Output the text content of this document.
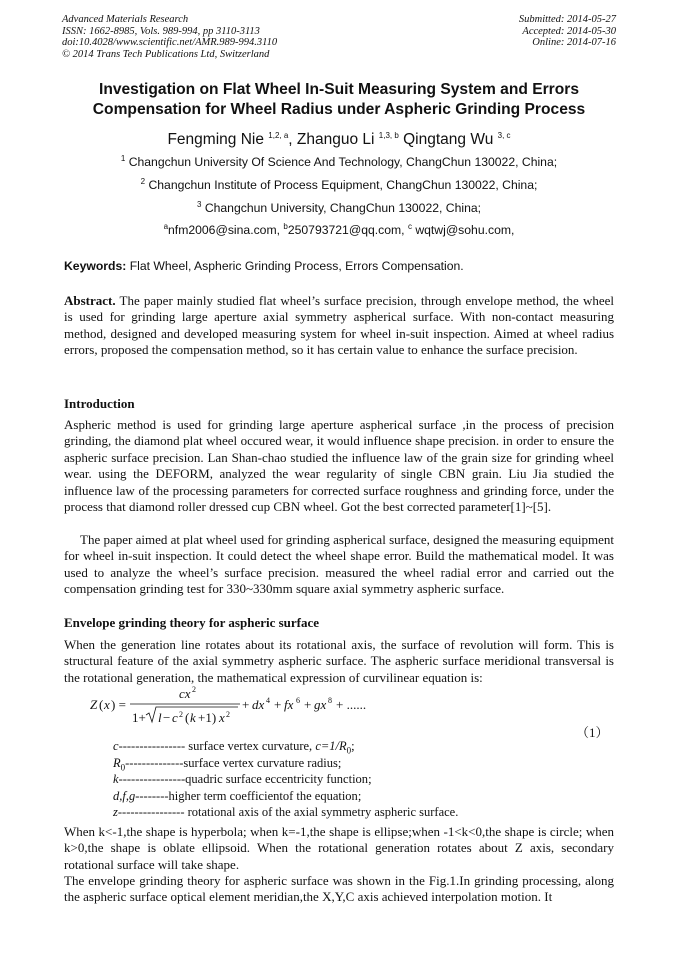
Advanced Materials Research
ISSN: 1662-8985, Vols. 989-994, pp 3110-3113
doi:10.4028/www.scientific.net/AMR.989-994.3110
© 2014 Trans Tech Publications Ltd, Switzerland
Submitted: 2014-05-27
Accepted: 2014-05-30
Online: 2014-07-16
Investigation on Flat Wheel In-Suit Measuring System and Errors
Compensation for Wheel Radius under Aspheric Grinding Process
Fengming Nie $^{1,2, a}$, Zhanguo Li $^{1,3, b}$ Qingtang Wu $^{3, c}$
$^1$ Changchun University Of Science And Technology, ChangChun 130022, China;
$^2$ Changchun Institute of Process Equipment, ChangChun 130022, China;
$^3$ Changchun University, ChangChun 130022, China;
$^a$nfm2006@sina.com, $^b$250793721@qq.com, $^c$ wqtwj@sohu.com,
Keywords: Flat Wheel, Aspheric Grinding Process, Errors Compensation.
Abstract. The paper mainly studied flat wheel’s surface precision, through envelope method, the wheel is used for grinding large aperture axial symmetry aspherical surface. With non-contact measuring method, designed and developed measuring system for wheel in-suit inspection. Aimed at wheel radius errors, proposed the compensation method, so it has certain value to enhance the surface precision.
Introduction
Aspheric method is used for grinding large aperture aspherical surface ,in the process of precision grinding, the diamond plat wheel occured wear, it would influence shape precision. in order to ensure the aspheric surface precision. Lan Shan-chao studied the influence law of the grain size for grinding wheel wear. using the DEFORM, analyzed the wear regularity of single CBN grain. Liu Jia studied the influence law of the processing parameters for corrected surface roughness and grinding force, under the process that diamond roller dressed cup CBN wheel. Got the best corrected parameter[1]~[5].
The paper aimed at plat wheel used for grinding aspherical surface, designed the measuring equipment for wheel in-suit inspection. It could detect the wheel shape error. Build the mathematical model. It was used to analyze the wheel’s surface precision. measured the wheel radial error and carried out the compensation grinding test for 330~330mm square axial symmetry aspheric surface.
Envelope grinding theory for aspheric surface
When the generation line rotates about its rotational axis, the surface of revolution will form. This is structural feature of the axial symmetry aspheric surface. The aspheric surface meridional transversal is the rotational generation, the mathematical expression of curvilinear equation is:
Z ( x ) =
cx 2
1+ l − c 2 ( k +1) x 2
+ dx 4 + fx 6 + gx 8 + ......
（1）
c---------------- surface vertex curvature, $c=1/R_0$;
$R_0-------------$-surface vertex curvature radius;
k----------------quadric surface eccentricity function;
d,f,g--------higher term coefficientof the equation;
z---------------- rotational axis of the axial symmetry aspheric surface.
When k<-1,the shape is hyperbola; when k=-1,the shape is ellipse;when -1<k<0,the shape is circle; when k>0,the shape is oblate ellipsoid. When the rotational generation rotates about Z axis, secondary rotational surface will take shape.
The envelope grinding theory for aspheric surface was shown in the Fig.1.In grinding processing, along the aspheric surface optical element meridian,the X,Y,C axis achieved interpolation motion. It
